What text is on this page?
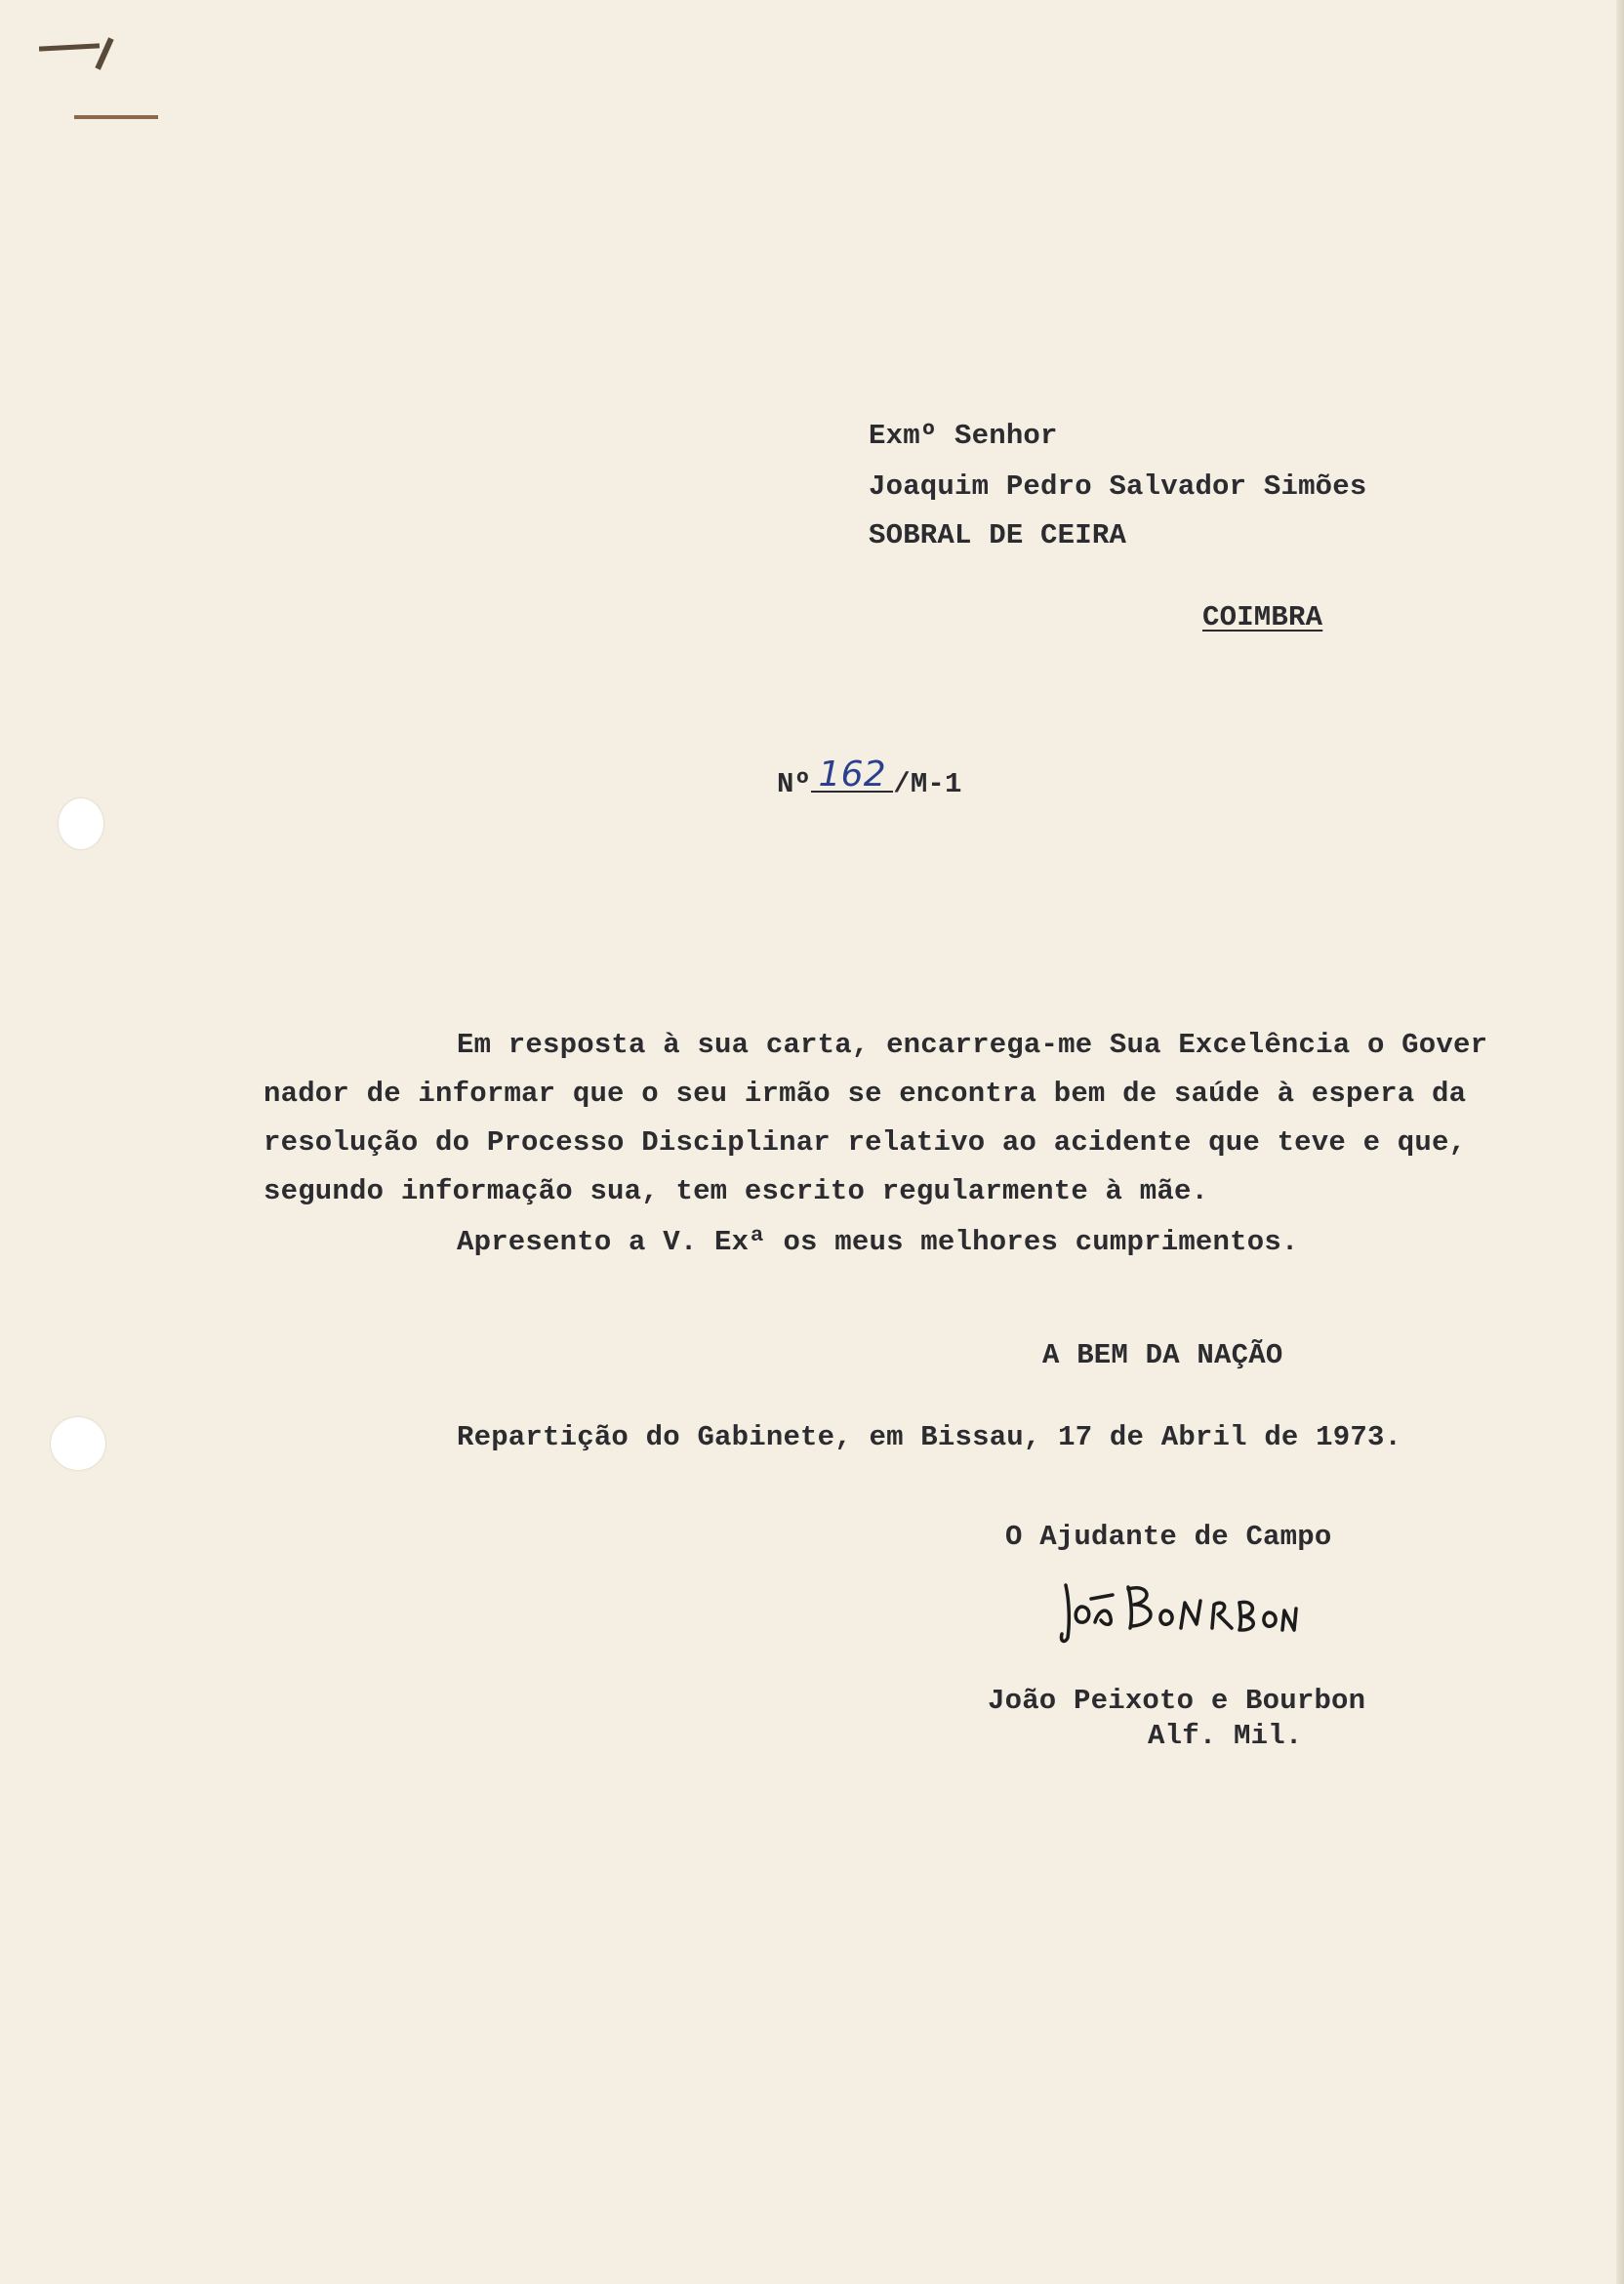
Exmº Senhor

Joaquim Pedro Salvador Simões

SOBRAL DE CEIRA

COIMBRA

Nº 162 /M-1

Em resposta à sua carta, encarrega-me Sua Excelência o Gover

nador de informar que o seu irmão se encontra bem de saúde à espera da

resolução do Processo Disciplinar relativo ao acidente que teve e que,

segundo informação sua, tem escrito regularmente à mãe.

Apresento a V. Exª os meus melhores cumprimentos.

A BEM DA NAÇÃO

Repartição do Gabinete, em Bissau, 17 de Abril de 1973.

O Ajudante de Campo

João Peixoto e Bourbon

Alf. Mil.
